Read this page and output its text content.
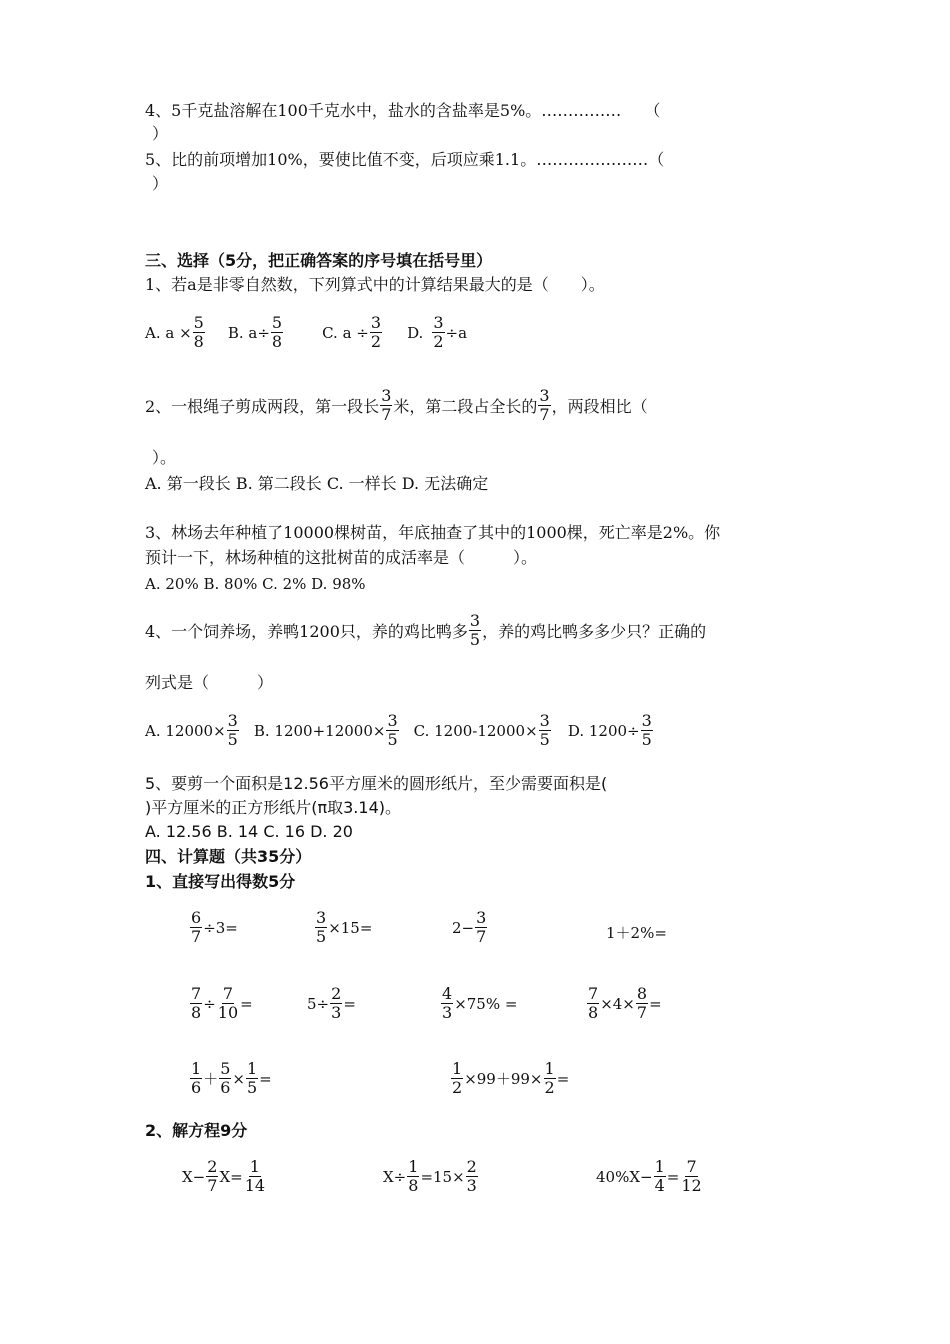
4、5千克盐溶解在100千克水中，盐水的含盐率是5%。…………… （
）
5、比的前项增加10%，要使比值不变，后项应乘1.1。…………………（
）
三、选择（5分，把正确答案的序号填在括号里）
1、若a是非零自然数，下列算式中的计算结果最大的是（　　）。
A. $a \times \frac{5}{8} B$. $a\div \frac{5}{8}$	C. $a \div \frac{3}{2} D$. $\frac{3}{2} \div a$
2、一根绳子剪成两段，第一段长 $\frac{3}{7}$ 米，第二段占全长的 $\frac{3}{7}$ ，两段相比（
）。
A. 第一段长 B. 第二段长 C. 一样长 D. 无法确定
3、林场去年种植了10000棵树苗，年底抽查了其中的1000棵，死亡率是2%。你
预计一下，林场种植的这批树苗的成活率是（　　　）。
A. 20% B. 80% C. 2% D. 98%
4、一个饲养场，养鸭1200只，养的鸡比鸭多 $\frac{3}{5}$ ，养的鸡比鸭多多少只？正确的
列式是（　　　）
A. $12000\times \frac{3}{5} B$. $1200+12000\times \frac{3}{5} C$. $1200-12000\times \frac{3}{5} D$. $1200\div \frac{3}{5}$
5、要剪一个面积是12.56平方厘米的圆形纸片，至少需要面积是(
)平方厘米的正方形纸片(π取3.14)。
A. 12.56 B. 14 C. 16 D. 20
四、计算题（共35分）
1、直接写出得数5分
$\frac{6}{7} \div 3=$	$\frac{3}{5} \times 15=$	$2- \frac{3}{7}$	1＋2%=
$\frac{7}{8} \div \frac{7}{10}$ =	$5\div \frac{2}{3}$ =	$\frac{4}{3} \times 75\%$ =	$\frac{7}{8} \times 4\times \frac{8}{7}$ =
$\frac{1}{6} + \frac{5}{6} \times \frac{1}{5}$ =	$\frac{1}{2} \times 99+99\times \frac{1}{2}$ =
2、解方程9分
$X- \frac{2}{7} X= \frac{1}{14}$	$X\div \frac{1}{8} =15\times \frac{2}{3}$	$40\%X- \frac{1}{4} = \frac{7}{12}$
